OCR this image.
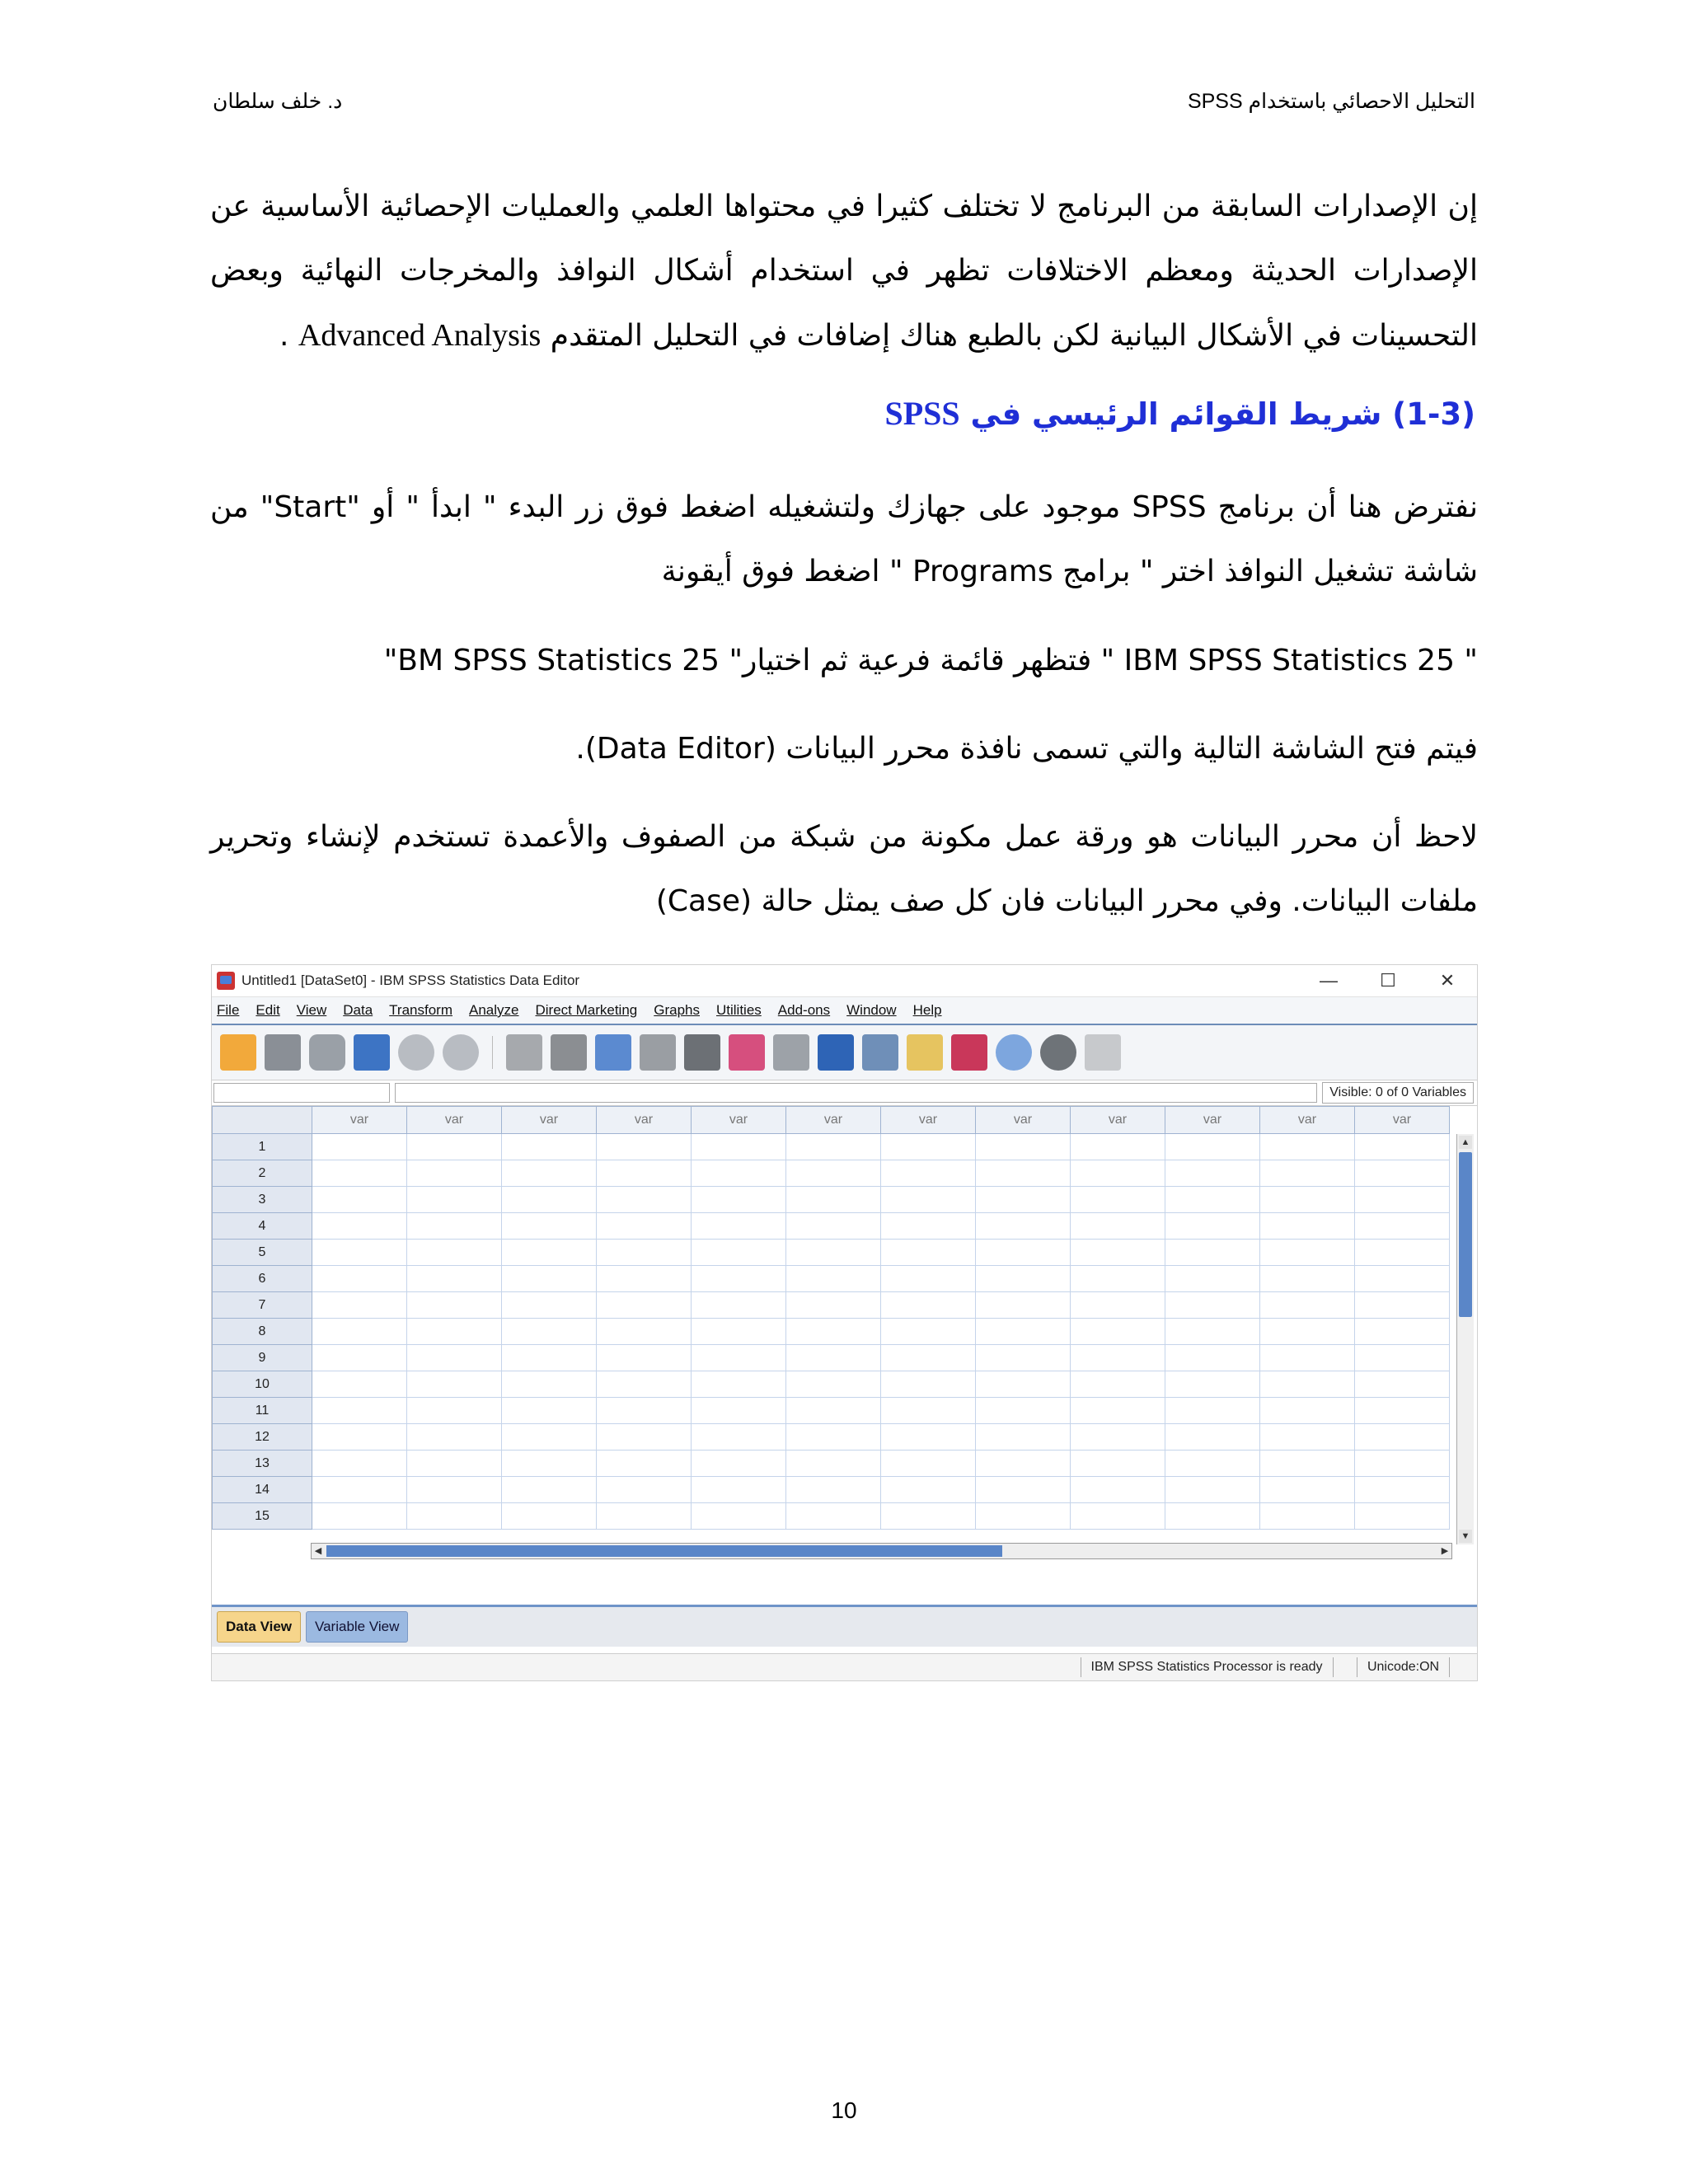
التحليل الاحصائي باستخدام SPSS
د. خلف سلطان
إن الإصدارات السابقة من البرنامج لا تختلف كثيرا في محتواها العلمي والعمليات الإحصائية الأساسية عن الإصدارات الحديثة ومعظم الاختلافات تظهر في استخدام أشكال النوافذ والمخرجات النهائية وبعض التحسينات في الأشكال البيانية لكن بالطبع هناك إضافات في التحليل المتقدم Advanced Analysis .
(1-3) شريط القوائم الرئيسي في SPSS
نفترض هنا أن برنامج SPSS موجود على جهازك ولتشغيله اضغط فوق زر البدء " ابدأ " أو "Start" من شاشة تشغيل النوافذ اختر " برامج Programs " اضغط فوق أيقونة
" IBM SPSS Statistics 25 " فتظهر قائمة فرعية ثم اختيار" BM SPSS Statistics 25"
فيتم فتح الشاشة التالية والتي تسمى نافذة محرر البيانات (Data Editor).
لاحظ أن محرر البيانات هو ورقة عمل مكونة من شبكة من الصفوف والأعمدة تستخدم لإنشاء وتحرير ملفات البيانات. وفي محرر البيانات فان كل صف يمثل حالة (Case)
Untitled1 [DataSet0] - IBM SPSS Statistics Data Editor	—	☐	✕
File Edit View Data Transform Analyze Direct Marketing Graphs Utilities Add-ons Window Help
Visible: 0 of 0 Variables
	var	var	var	var	var	var	var	var	var	var	var	var
1												
2												
3												
4												
5												
6												
7												
8												
9												
10												
11												
12												
13												
14												
15												
▲
▼
◀	▶
Data View	Variable View
IBM SPSS Statistics Processor is ready
	Unicode:ON

10
